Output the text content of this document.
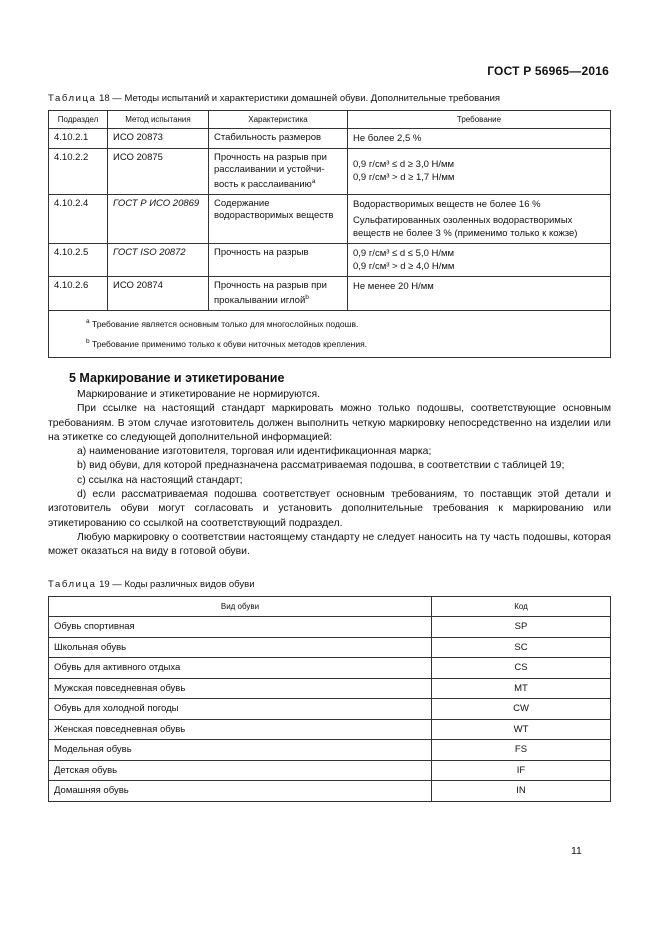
ГОСТ Р 56965—2016
Таблица 18 — Методы испытаний и характеристики домашней обуви. Дополнительные требования
Подраздел	Метод испытания	Характеристика	Требование
4.10.2.1	ИСО 20873	Стабильность размеров	Не более 2,5 %
4.10.2.2	ИСО 20875	Прочность на разрыв при расслаивании и устойчи-вость к расслаиванию$^a$	0,9 г/см³ ≤ d ≥ 3,0 Н/мм
0,9 г/см³ > d ≥ 1,7 Н/мм

4.10.2.4	ГОСТ Р ИСО 20869	Содержание водорастворимых веществ	Водорастворимых веществ не более 16 %
Сульфатированных озоленных водорастворимых веществ не более 3 % (применимо только к кожзе)

4.10.2.5	ГОСТ ISO 20872	Прочность на разрыв	0,9 г/см³ ≤ d ≤ 5,0 Н/мм
0,9 г/см³ > d ≥ 4,0 Н/мм

4.10.2.6	ИСО 20874	Прочность на разрыв при прокалывании иглой$^b$	Не менее 20 Н/мм

$^a$ Требование является основным только для многослойных подошв.
$^b$ Требование применимо только к обуви ниточных методов крепления.			
5 Маркирование и этикетирование

Маркирование и этикетирование не нормируются.

При ссылке на настоящий стандарт маркировать можно только подошвы, соответствующие основным требованиям. В этом случае изготовитель должен выполнить четкую маркировку непосредственно на изделии или на этикетке со следующей дополнительной информацией:

a) наименование изготовителя, торговая или идентификационная марка;

b) вид обуви, для которой предназначена рассматриваемая подошва, в соответствии с таблицей 19;

c) ссылка на настоящий стандарт;

d) если рассматриваемая подошва соответствует основным требованиям, то поставщик этой детали и изготовитель обуви могут согласовать и установить дополнительные требования к маркированию или этикетированию со ссылкой на соответствующий подраздел.

Любую маркировку о соответствии настоящему стандарту не следует наносить на ту часть подошвы, которая может оказаться на виду в готовой обуви.

Таблица 19 — Коды различных видов обуви
Вид обуви	Код
Обувь спортивная	SP
Школьная обувь	SC
Обувь для активного отдыха	CS
Мужская повседневная обувь	MT
Обувь для холодной погоды	CW
Женская повседневная обувь	WT
Модельная обувь	FS
Детская обувь	IF
Домашняя обувь	IN
11
